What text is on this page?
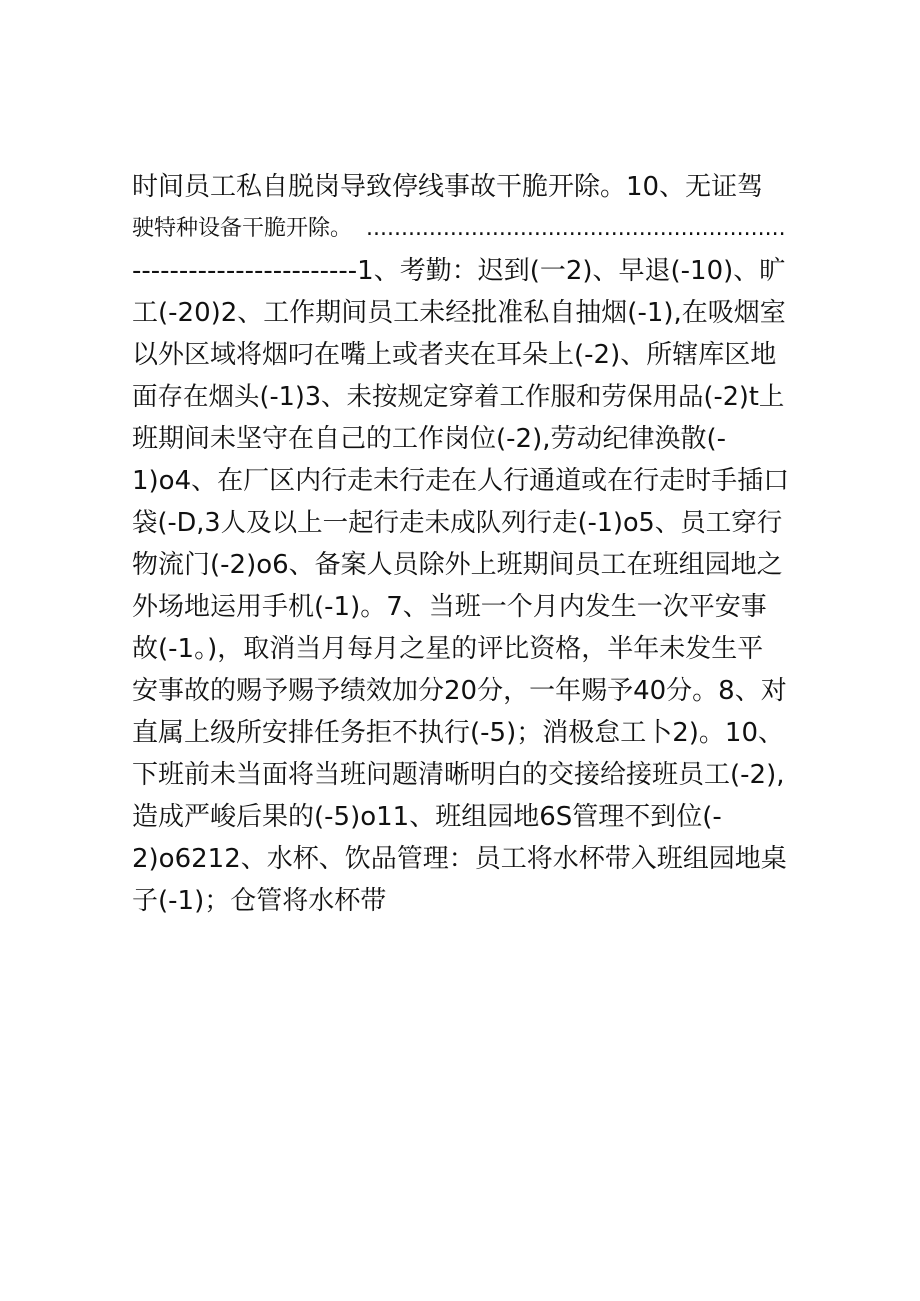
时间员工私自脱岗导致停线事故干脆开除。10、无证驾
驶特种设备干脆开除。  ............................................................
------------------------1、考勤：迟到(一2)、早退(-10)、旷
工(-20)2、工作期间员工未经批准私自抽烟(-1),在吸烟室
以外区域将烟叼在嘴上或者夹在耳朵上(-2)、所辖库区地
面存在烟头(-1)3、未按规定穿着工作服和劳保用品(-2)t上
班期间未坚守在自己的工作岗位(-2),劳动纪律涣散(-
1)o4、在厂区内行走未行走在人行通道或在行走时手插口
袋(-D,3人及以上一起行走未成队列行走(-1)o5、员工穿行
物流门(-2)o6、备案人员除外上班期间员工在班组园地之
外场地运用手机(-1)。7、当班一个月内发生一次平安事
故(-1。)，取消当月每月之星的评比资格，半年未发生平
安事故的赐予赐予绩效加分20分，一年赐予40分。8、对
直属上级所安排任务拒不执行(-5)；消极怠工卜2)。10、
下班前未当面将当班问题清晰明白的交接给接班员工(-2),
造成严峻后果的(-5)o11、班组园地6S管理不到位(-
2)o6212、水杯、饮品管理：员工将水杯带入班组园地桌
子(-1)；仓管将水杯带
